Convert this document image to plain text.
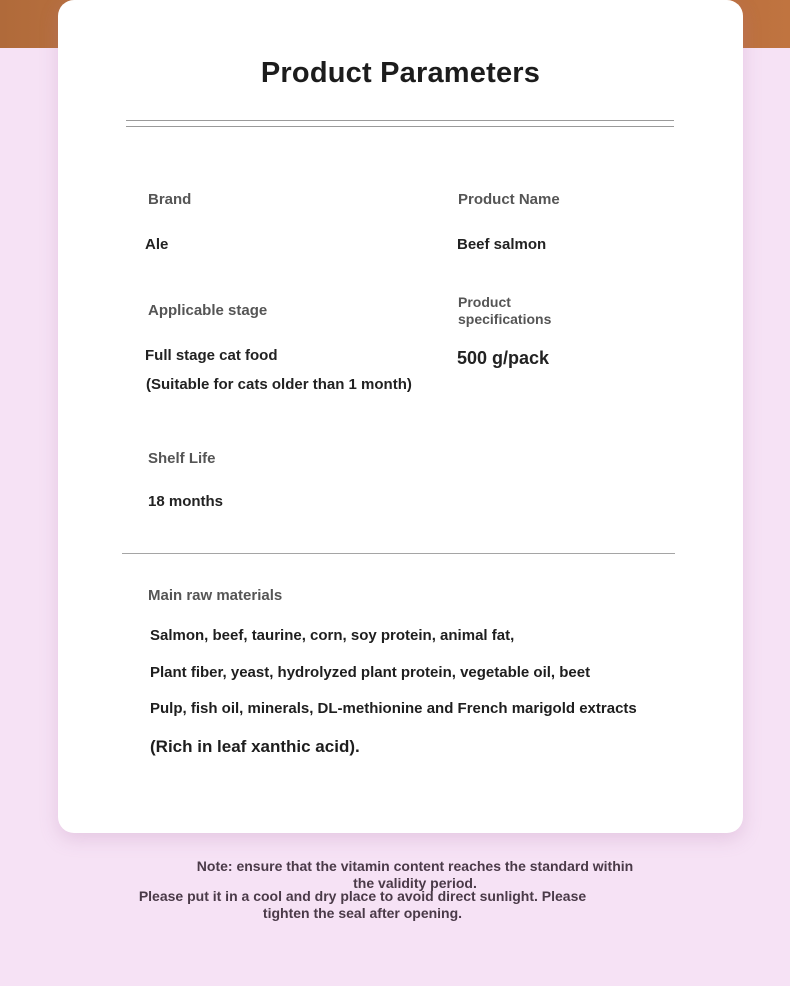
Product Parameters
Brand
Ale
Product Name
Beef salmon
Applicable stage
Full stage cat food
(Suitable for cats older than 1 month)
Product
specifications
500 g/pack
Shelf Life
18 months
Main raw materials
Salmon, beef, taurine, corn, soy protein, animal fat,
Plant fiber, yeast, hydrolyzed plant protein, vegetable oil, beet
Pulp, fish oil, minerals, DL-methionine and French marigold extracts
(Rich in leaf xanthic acid).
Note: ensure that the vitamin content reaches the standard within
the validity period.
Please put it in a cool and dry place to avoid direct sunlight. Please
tighten the seal after opening.
